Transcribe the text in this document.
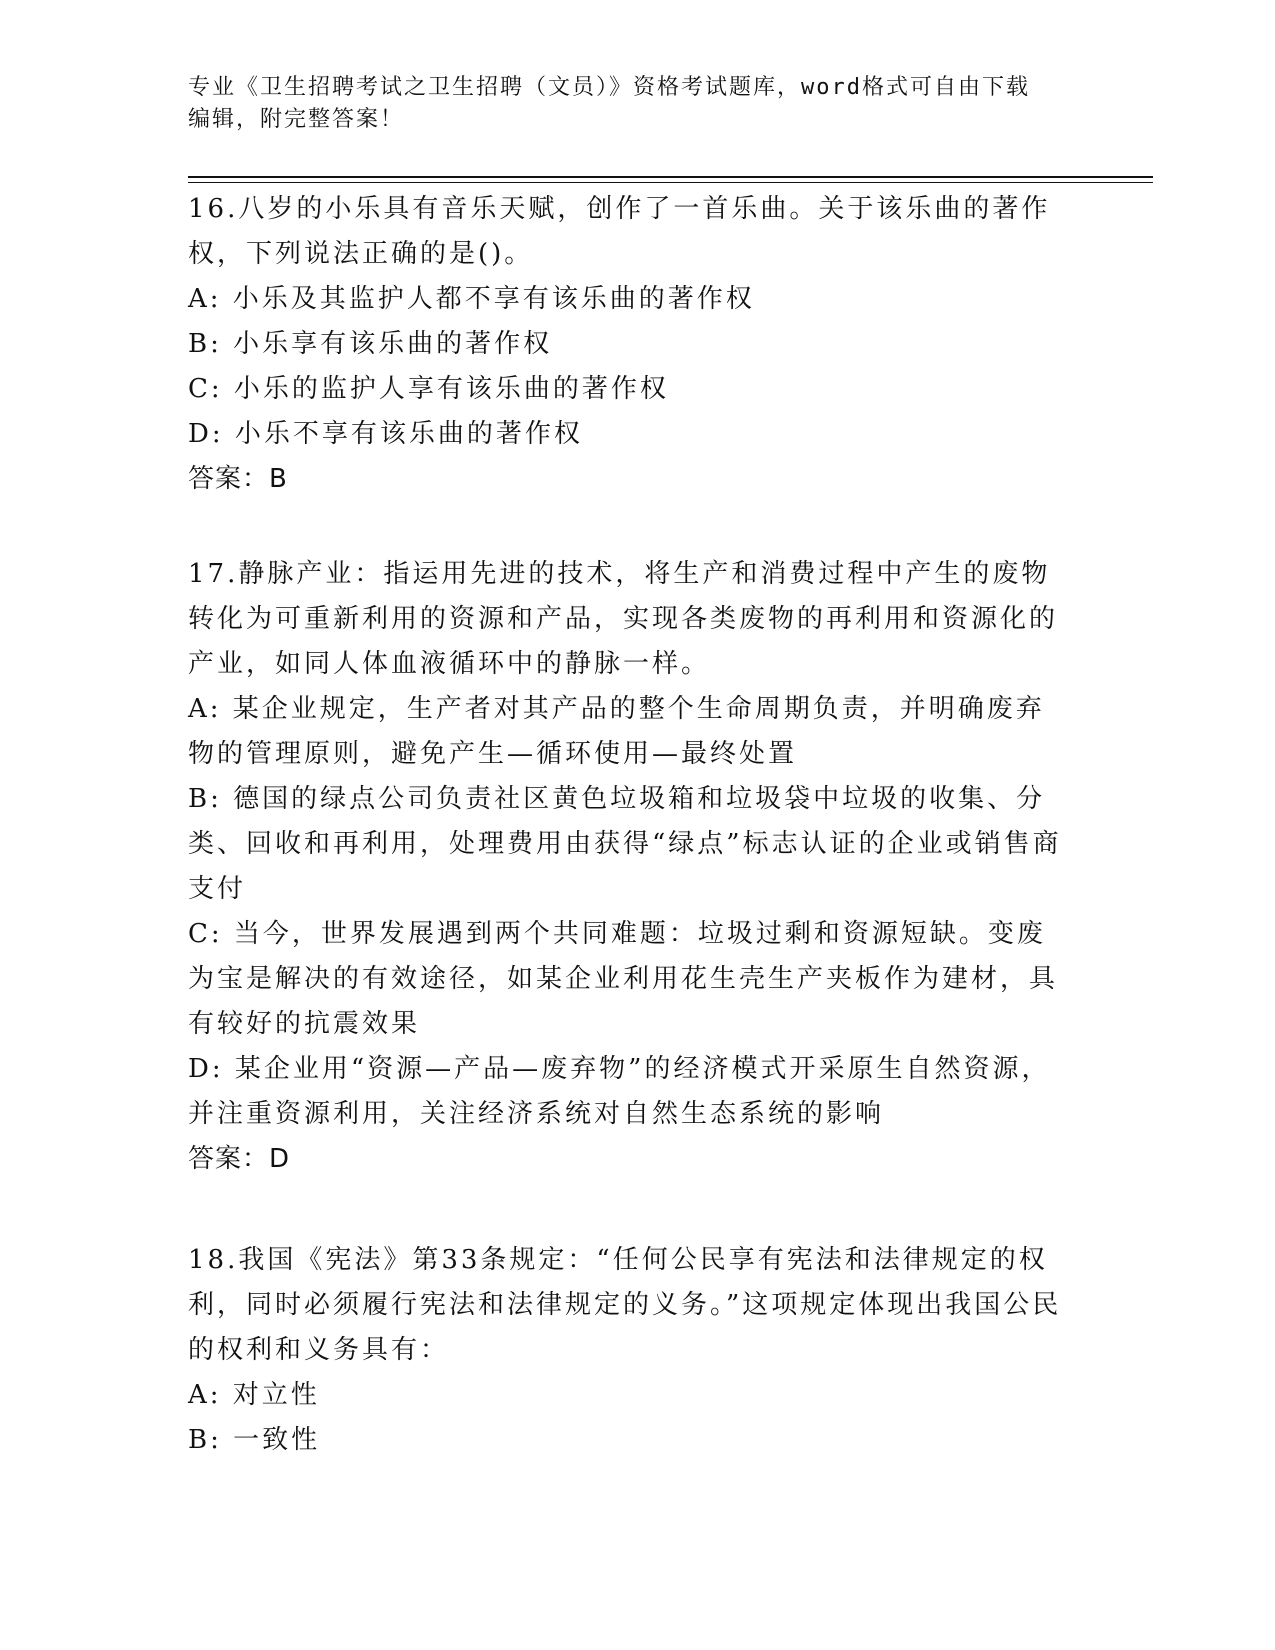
专业《卫生招聘考试之卫生招聘（文员）》资格考试题库，word格式可自由下载
编辑，附完整答案！

16.八岁的小乐具有音乐天赋，创作了一首乐曲。关于该乐曲的著作权，下列说法正确的是()。

A: 小乐及其监护人都不享有该乐曲的著作权

B: 小乐享有该乐曲的著作权

C: 小乐的监护人享有该乐曲的著作权

D: 小乐不享有该乐曲的著作权

答案：B

17.静脉产业：指运用先进的技术，将生产和消费过程中产生的废物转化为可重新利用的资源和产品，实现各类废物的再利用和资源化的产业，如同人体血液循环中的静脉一样。

A: 某企业规定，生产者对其产品的整个生命周期负责，并明确废弃物的管理原则，避免产生—循环使用—最终处置

B: 德国的绿点公司负责社区黄色垃圾箱和垃圾袋中垃圾的收集、分类、回收和再利用，处理费用由获得“绿点”标志认证的企业或销售商支付

C: 当今，世界发展遇到两个共同难题：垃圾过剩和资源短缺。变废为宝是解决的有效途径，如某企业利用花生壳生产夹板作为建材，具有较好的抗震效果

D: 某企业用“资源—产品—废弃物”的经济模式开采原生自然资源，并注重资源利用，关注经济系统对自然生态系统的影响

答案：D

18.我国《宪法》第33条规定：“任何公民享有宪法和法律规定的权利，同时必须履行宪法和法律规定的义务。”这项规定体现出我国公民的权利和义务具有：

A: 对立性

B: 一致性
